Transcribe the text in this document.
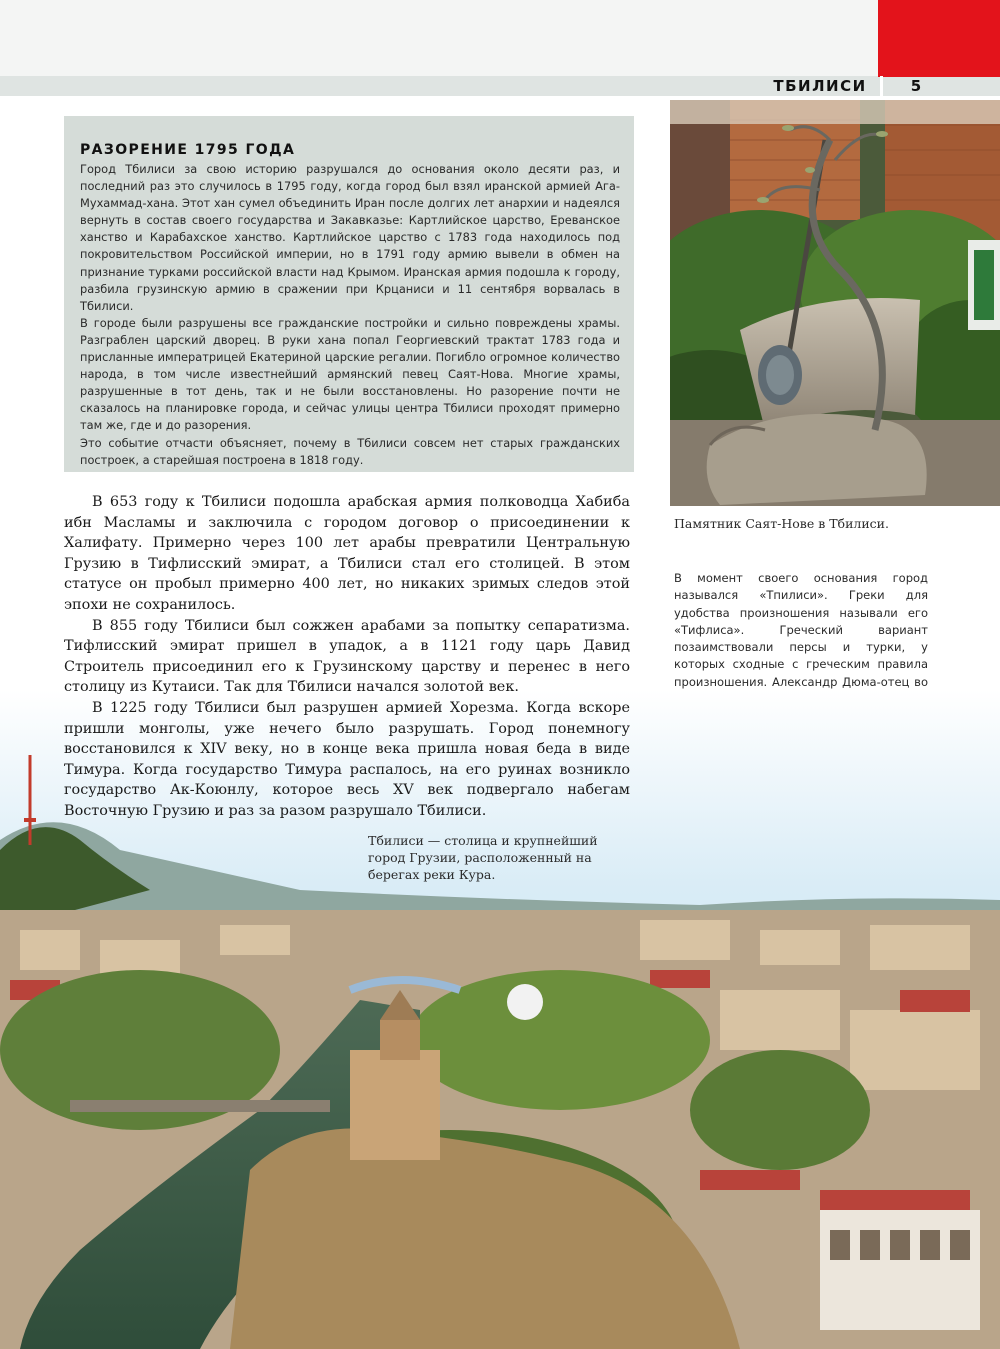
ТБИЛИСИ	5
РАЗОРЕНИЕ 1795 ГОДА

Город Тбилиси за свою историю разрушался до основания около десяти раз, и последний раз это случилось в 1795 году, когда город был взял иранской армией Ага-Мухаммад-хана. Этот хан сумел объединить Иран после долгих лет анархии и надеялся вернуть в состав своего государства и Закавказье: Картлийское царство, Ереванское ханство и Карабахское ханство. Картлийское царство с 1783 года находилось под покровительством Российской империи, но в 1791 году армию вывели в обмен на признание турками российской власти над Крымом. Иранская армия подошла к городу, разбила грузинскую армию в сражении при Крцаниси и 11 сентября ворвалась в Тбилиси.

В городе были разрушены все гражданские постройки и сильно повреждены храмы. Разграблен царский дворец. В руки хана попал Георгиевский трактат 1783 года и присланные императрицей Екатериной царские регалии. Погибло огромное количество народа, в том числе известнейший армянский певец Саят-Нова. Многие храмы, разрушенные в тот день, так и не были восстановлены. Но разорение почти не сказалось на планировке города, и сейчас улицы центра Тбилиси проходят примерно там же, где и до разорения.

Это событие отчасти объясняет, почему в Тбилиси совсем нет старых гражданских построек, а старейшая построена в 1818 году.

Памятник Саят-Нове в Тбилиси.

В момент своего основания город назывался «Тпилиси». Греки для удобства произношения называли его «Тифлиса». Греческий вариант позаимствовали персы и турки, у которых сходные с греческим правила произношения. Александр Дюма-отец во

Тбилиси — столица и крупнейший город Грузии, расположенный на берегах реки Кура.

В 653 году к Тбилиси подошла арабская армия полководца Хабиба ибн Масламы и заключила с городом договор о присоединении к Халифату. Примерно через 100 лет арабы превратили Центральную Грузию в Тифлисский эмират, а Тбилиси стал его столицей. В этом статусе он пробыл примерно 400 лет, но никаких зримых следов этой эпохи не сохранилось.

В 855 году Тбилиси был сожжен арабами за попытку сепаратизма. Тифлисский эмират пришел в упадок, а в 1121 году царь Давид Строитель присоединил его к Грузинскому царству и перенес в него столицу из Кутаиси. Так для Тбилиси начался золотой век.

В 1225 году Тбилиси был разрушен армией Хорезма. Когда вскоре пришли монголы, уже нечего было разрушать. Город понемногу восстановился к XIV веку, но в конце века пришла новая беда в виде Тимура. Когда государство Тимура распалось, на его руинах возникло государство Ак-Коюнлу, которое весь XV век подвергало набегам Восточную Грузию и раз за разом разрушало Тбилиси.
